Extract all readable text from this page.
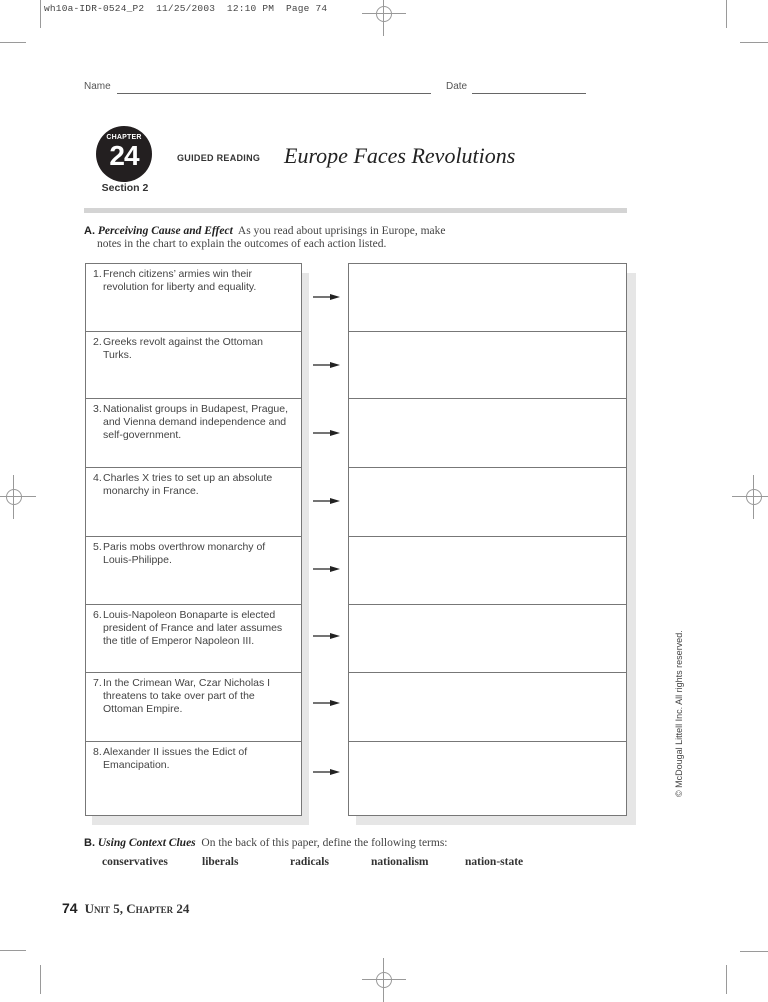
wh10a-IDR-0524_P2  11/25/2003  12:10 PM  Page 74
Name	Date
CHAPTER
24
Section 2
GUIDED READING Europe Faces Revolutions
A. Perceiving Cause and Effect As you read about uprisings in Europe, make
notes in the chart to explain the outcomes of each action listed.
1. French citizens’ armies win their revolution for liberty and equality.
2. Greeks revolt against the Ottoman Turks.
3. Nationalist groups in Budapest, Prague, and Vienna demand independence and self-government.
4. Charles X tries to set up an absolute monarchy in France.
5. Paris mobs overthrow monarchy of Louis-Philippe.
6. Louis-Napoleon Bonaparte is elected president of France and later assumes the title of Emperor Napoleon III.
7. In the Crimean War, Czar Nicholas I threatens to take over part of the Ottoman Empire.
8. Alexander II issues the Edict of Emancipation.	© McDougal Littell Inc. All rights reserved.
B. Using Context Clues On the back of this paper, define the following terms:
conservatives	liberals	radicals	nationalism	nation-state
74 Unit 5, Chapter 24
